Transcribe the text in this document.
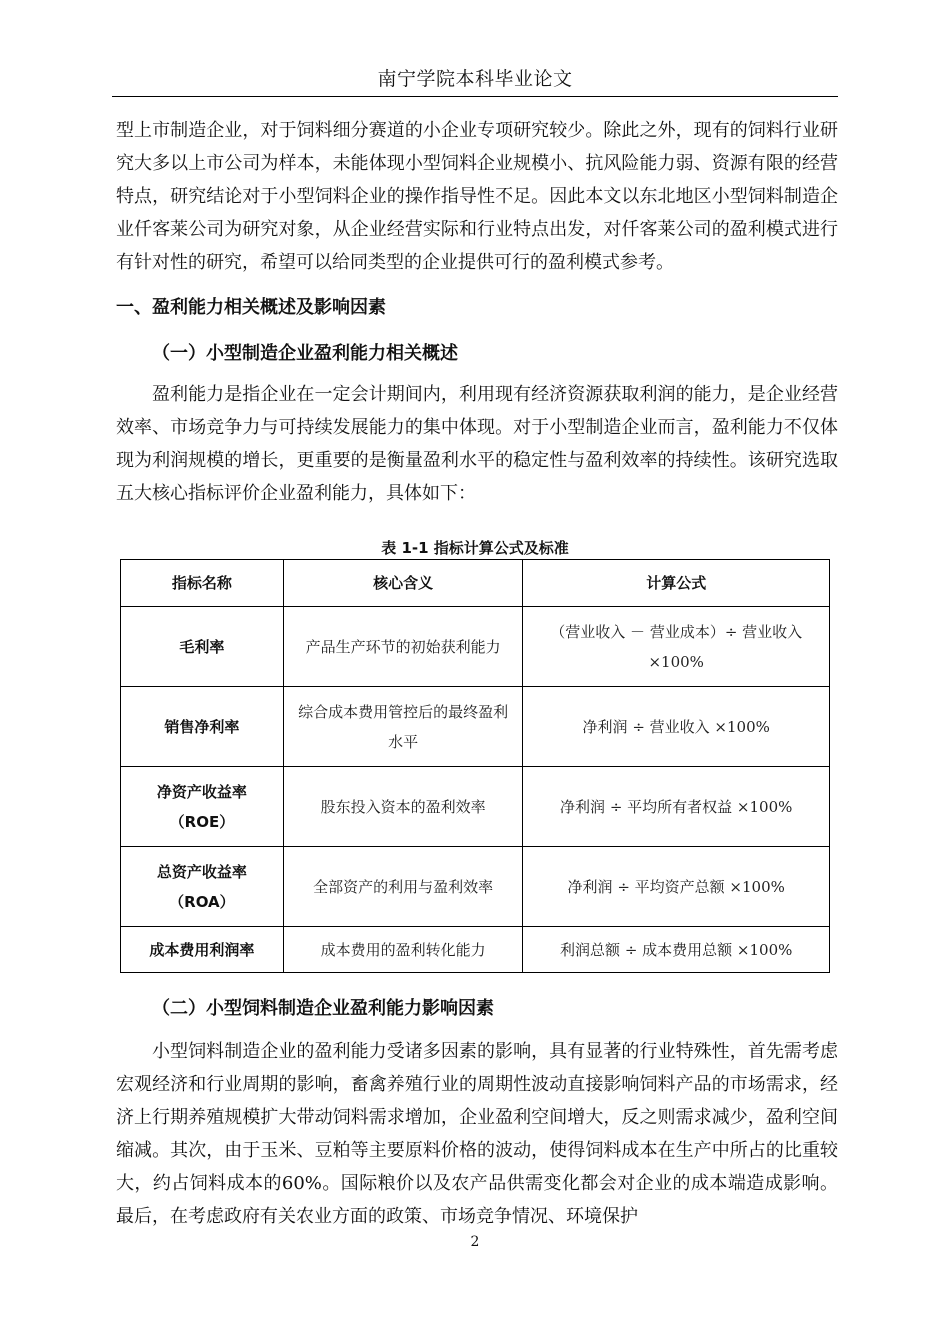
南宁学院本科毕业论文

型上市制造企业，对于饲料细分赛道的小企业专项研究较少。除此之外，现有的饲料行业研究大多以上市公司为样本，未能体现小型饲料企业规模小、抗风险能力弱、资源有限的经营特点，研究结论对于小型饲料企业的操作指导性不足。因此本文以东北地区小型饲料制造企业仟客莱公司为研究对象，从企业经营实际和行业特点出发，对仟客莱公司的盈利模式进行有针对性的研究，希望可以给同类型的企业提供可行的盈利模式参考。

一、盈利能力相关概述及影响因素

（一）小型制造企业盈利能力相关概述

盈利能力是指企业在一定会计期间内，利用现有经济资源获取利润的能力，是企业经营效率、市场竞争力与可持续发展能力的集中体现。对于小型制造企业而言，盈利能力不仅体现为利润规模的增长，更重要的是衡量盈利水平的稳定性与盈利效率的持续性。该研究选取五大核心指标评价企业盈利能力，具体如下：

表 1-1 指标计算公式及标准
指标名称	核心含义	计算公式
毛利率	产品生产环节的初始获利能力	（营业收入 － 营业成本）÷ 营业收入 ×100%
销售净利率	综合成本费用管控后的最终盈利水平	净利润 ÷ 营业收入 ×100%
净资产收益率（ROE）	股东投入资本的盈利效率	净利润 ÷ 平均所有者权益 ×100%
总资产收益率（ROA）	全部资产的利用与盈利效率	净利润 ÷ 平均资产总额 ×100%
成本费用利润率	成本费用的盈利转化能力	利润总额 ÷ 成本费用总额 ×100%

（二）小型饲料制造企业盈利能力影响因素

小型饲料制造企业的盈利能力受诸多因素的影响，具有显著的行业特殊性，首先需考虑宏观经济和行业周期的影响，畜禽养殖行业的周期性波动直接影响饲料产品的市场需求，经济上行期养殖规模扩大带动饲料需求增加，企业盈利空间增大，反之则需求减少，盈利空间缩减。其次，由于玉米、豆粕等主要原料价格的波动，使得饲料成本在生产中所占的比重较大，约占饲料成本的60%。国际粮价以及农产品供需变化都会对企业的成本端造成影响。最后，在考虑政府有关农业方面的政策、市场竞争情况、环境保护

2
